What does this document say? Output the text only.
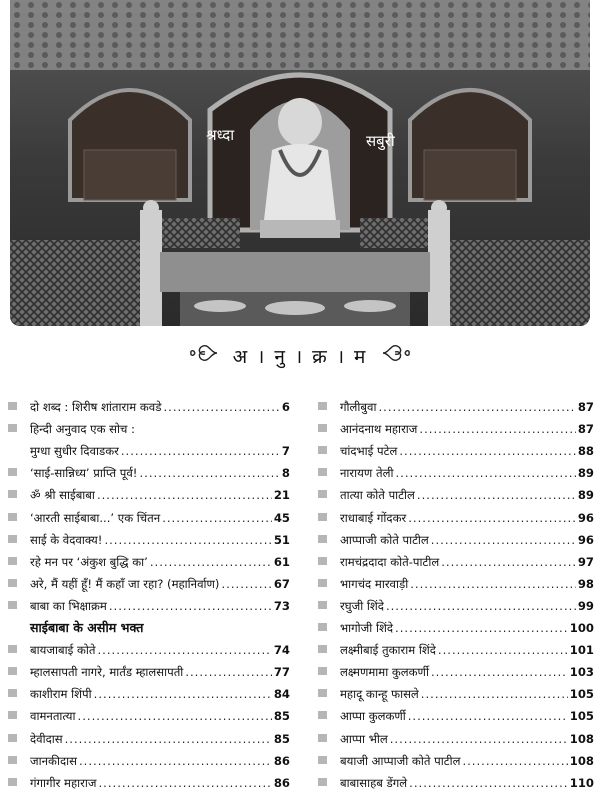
श्रध्दा	सबुरी
अ । नु । क्र । म
दो शब्द : शिरीष शांताराम कवडे .....	6
हिन्दी अनुवाद एक सोच :
मुग्धा सुधीर दिवाडकर .....	7
‘साई-सान्निध्य’ प्राप्ति पूर्व! .....	8
ॐ श्री साईबाबा .....	21
‘आरती साईबाबा...’ एक चिंतन .....	45
साई के वेदवाक्य! .....	51
रहे मन पर ‘अंकुश बुद्धि का’ .....	61
अरे, मैं यहीं हूँ! मैं कहाँ जा रहा? (महानिर्वाण) .....	67
बाबा का भिक्षाक्रम .....	73
साईबाबा के असीम भक्त
बायजाबाई कोते .....	74
म्हालसापती नागरे, मार्तंड म्हालसापती .....	77
काशीराम शिंपी .....	84
वामनतात्या .....	85
देवीदास .....	85
जानकीदास .....	86
गंगागीर महाराज .....	86
गौलीबुवा .....	87
आनंदनाथ महाराज .....	87
चांदभाई पटेल .....	88
नारायण तेली .....	89
तात्या कोते पाटील .....	89
राधाबाई गोंदकर .....	96
आप्पाजी कोते पाटील .....	96
रामचंद्रदादा कोते-पाटील .....	97
भागचंद मारवाड़ी .....	98
रघुजी शिंदे .....	99
भागोजी शिंदे .....	100
लक्ष्मीबाई तुकाराम शिंदे .....	101
लक्ष्मणमामा कुलकर्णी .....	103
महादू कान्हू फासले .....	105
आप्पा कुलकर्णी .....	105
आप्पा भील .....	108
बयाजी आप्पाजी कोते पाटील .....	108
बाबासाहब डेंगले .....	110
